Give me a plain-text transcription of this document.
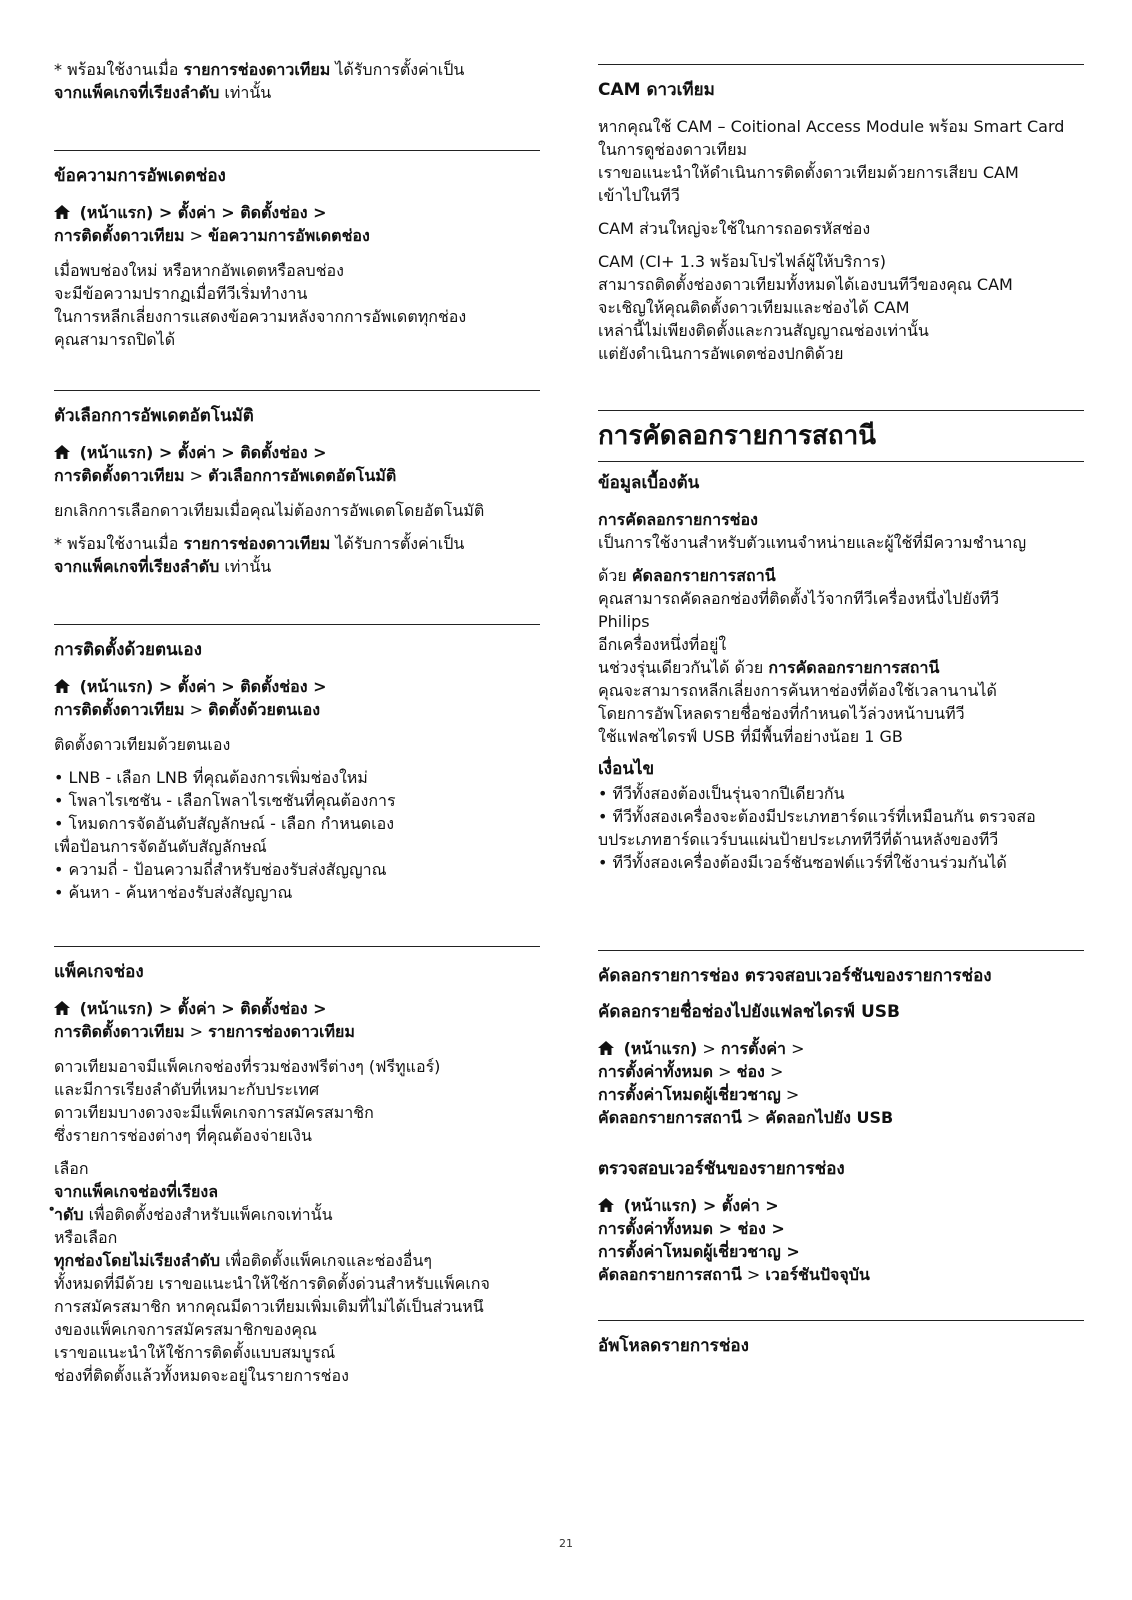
* พร้อมใช้งานเมื่อ รายการช่องดาวเทียม ได้รับการตั้งค่าเป็น
จากแพ็คเกจที่เรียงลำดับ เท่านั้น

ข้อความการอัพเดตช่อง

(หน้าแรก) > ตั้งค่า > ติดตั้งช่อง >
การติดตั้งดาวเทียม > ข้อความการอัพเดตช่อง

เมื่อพบช่องใหม่ หรือหากอัพเดตหรือลบช่อง
จะมีข้อความปรากฏเมื่อทีวีเริ่มทำงาน
ในการหลีกเลี่ยงการแสดงข้อความหลังจากการอัพเดตทุกช่อง
คุณสามารถปิดได้

ตัวเลือกการอัพเดตอัตโนมัติ

(หน้าแรก) > ตั้งค่า > ติดตั้งช่อง >
การติดตั้งดาวเทียม > ตัวเลือกการอัพเดตอัตโนมัติ

ยกเลิกการเลือกดาวเทียมเมื่อคุณไม่ต้องการอัพเดตโดยอัตโนมัติ

* พร้อมใช้งานเมื่อ รายการช่องดาวเทียม ได้รับการตั้งค่าเป็น
จากแพ็คเกจที่เรียงลำดับ เท่านั้น

การติดตั้งด้วยตนเอง

(หน้าแรก) > ตั้งค่า > ติดตั้งช่อง >
การติดตั้งดาวเทียม > ติดตั้งด้วยตนเอง

ติดตั้งดาวเทียมด้วยตนเอง

• LNB - เลือก LNB ที่คุณต้องการเพิ่มช่องใหม่
• โพลาไรเซชัน - เลือกโพลาไรเซชันที่คุณต้องการ
• โหมดการจัดอันดับสัญลักษณ์ - เลือก กำหนดเอง
เพื่อป้อนการจัดอันดับสัญลักษณ์
• ความถี่ - ป้อนความถี่สำหรับช่องรับส่งสัญญาณ
• ค้นหา - ค้นหาช่องรับส่งสัญญาณ

แพ็คเกจช่อง

(หน้าแรก) > ตั้งค่า > ติดตั้งช่อง >
การติดตั้งดาวเทียม > รายการช่องดาวเทียม

ดาวเทียมอาจมีแพ็คเกจช่องที่รวมช่องฟรีต่างๆ (ฟรีทูแอร์)
และมีการเรียงลำดับที่เหมาะกับประเทศ
ดาวเทียมบางดวงจะมีแพ็คเกจการสมัครสมาชิก
ซึ่งรายการช่องต่างๆ ที่คุณต้องจ่ายเงิน

เลือก
จากแพ็คเกจช่องที่เรียงล
ำดับ เพื่อติดตั้งช่องสำหรับแพ็คเกจเท่านั้น
หรือเลือก
ทุกช่องโดยไม่เรียงลำดับ เพื่อติดตั้งแพ็คเกจและช่องอื่นๆ
ทั้งหมดที่มีด้วย เราขอแนะนำให้ใช้การติดตั้งด่วนสำหรับแพ็คเกจ
การสมัครสมาชิก หากคุณมีดาวเทียมเพิ่มเติมที่ไม่ได้เป็นส่วนหนึ
งของแพ็คเกจการสมัครสมาชิกของคุณ
เราขอแนะนำให้ใช้การติดตั้งแบบสมบูรณ์
ช่องที่ติดตั้งแล้วทั้งหมดจะอยู่ในรายการช่อง

CAM ดาวเทียม

หากคุณใช้ CAM – Coitional Access Module พร้อม Smart Card
ในการดูช่องดาวเทียม
เราขอแนะนำให้ดำเนินการติดตั้งดาวเทียมด้วยการเสียบ CAM
เข้าไปในทีวี

CAM ส่วนใหญ่จะใช้ในการถอดรหัสช่อง

CAM (CI+ 1.3 พร้อมโปรไฟล์ผู้ให้บริการ)
สามารถติดตั้งช่องดาวเทียมทั้งหมดได้เองบนทีวีของคุณ CAM
จะเชิญให้คุณติดตั้งดาวเทียมและช่องได้ CAM
เหล่านี้ไม่เพียงติดตั้งและกวนสัญญาณช่องเท่านั้น
แต่ยังดำเนินการอัพเดตช่องปกติด้วย

การคัดลอกรายการสถานี

ข้อมูลเบื้องต้น

การคัดลอกรายการช่อง
เป็นการใช้งานสำหรับตัวแทนจำหน่ายและผู้ใช้ที่มีความชำนาญ

ด้วย คัดลอกรายการสถานี
คุณสามารถคัดลอกช่องที่ติดตั้งไว้จากทีวีเครื่องหนึ่งไปยังทีวี
Philips
อีกเครื่องหนึ่งที่อยู่ใ
นช่วงรุ่นเดียวกันได้ ด้วย การคัดลอกรายการสถานี
คุณจะสามารถหลีกเลี่ยงการค้นหาช่องที่ต้องใช้เวลานานได้
โดยการอัพโหลดรายชื่อช่องที่กำหนดไว้ล่วงหน้าบนทีวี
ใช้แฟลชไดรฟ์ USB ที่มีพื้นที่อย่างน้อย 1 GB

เงื่อนไข

• ทีวีทั้งสองต้องเป็นรุ่นจากปีเดียวกัน
• ทีวีทั้งสองเครื่องจะต้องมีประเภทฮาร์ดแวร์ที่เหมือนกัน ตรวจสอ
บประเภทฮาร์ดแวร์บนแผ่นป้ายประเภททีวีที่ด้านหลังของทีวี
• ทีวีทั้งสองเครื่องต้องมีเวอร์ชันซอฟต์แวร์ที่ใช้งานร่วมกันได้

คัดลอกรายการช่อง ตรวจสอบเวอร์ชันของรายการช่อง

คัดลอกรายชื่อช่องไปยังแฟลชไดรฟ์ USB

(หน้าแรก) > การตั้งค่า >
การตั้งค่าทั้งหมด > ช่อง >
การตั้งค่าโหมดผู้เชี่ยวชาญ >
คัดลอกรายการสถานี > คัดลอกไปยัง USB

ตรวจสอบเวอร์ชันของรายการช่อง

(หน้าแรก) > ตั้งค่า >
การตั้งค่าทั้งหมด > ช่อง >
การตั้งค่าโหมดผู้เชี่ยวชาญ >
คัดลอกรายการสถานี > เวอร์ชันปัจจุบัน

อัพโหลดรายการช่อง

21
